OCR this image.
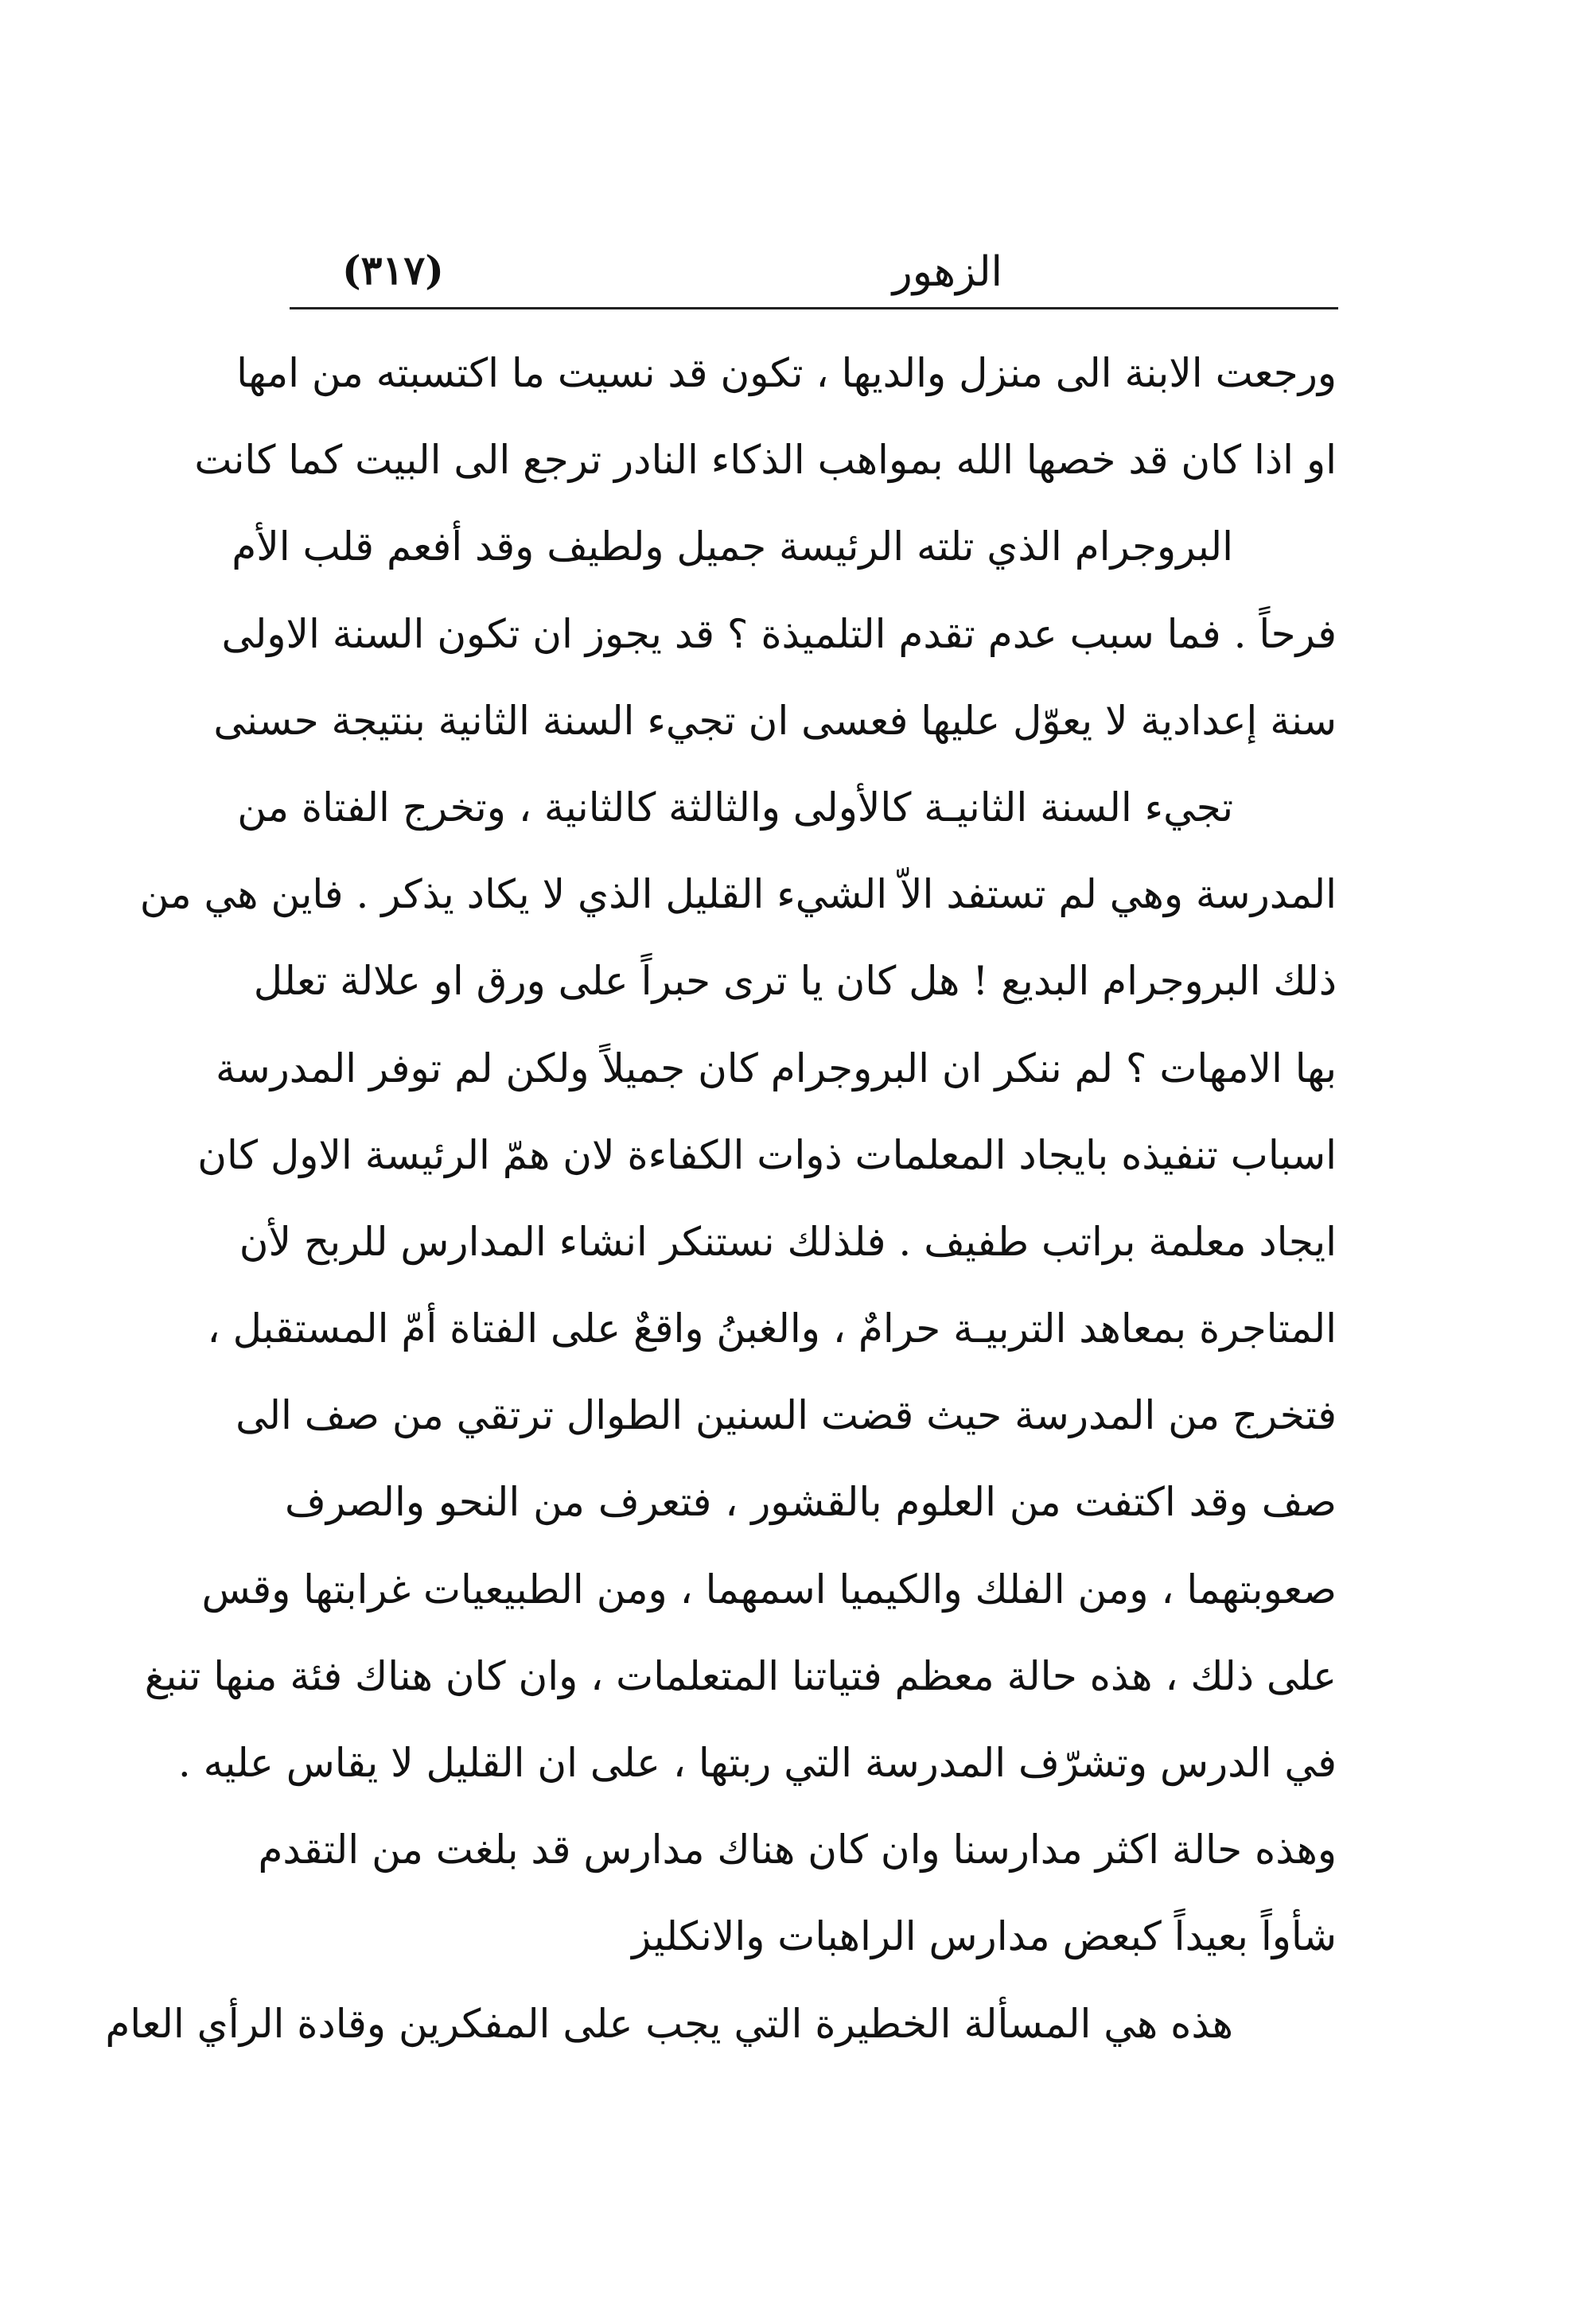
الزهور
(٣١٧)
ورجعت الابنة الى منزل والديها ، تكون قد نسيت ما اكتسبته من امها
او اذا كان قد خصها الله بمواهب الذكاء النادر ترجع الى البيت كما كانت
البروجرام الذي تلته الرئيسة جميل ولطيف وقد أفعم قلب الأم
فرحاً . فما سبب عدم تقدم التلميذة ؟ قد يجوز ان تكون السنة الاولى
سنة إعدادية لا يعوّل عليها فعسى ان تجيء السنة الثانية بنتيجة حسنى
تجيء السنة الثانيـة كالأولى والثالثة كالثانية ، وتخرج الفتاة من
المدرسة وهي لم تستفد الاّ الشيء القليل الذي لا يكاد يذكر . فاين هي من
ذلك البروجرام البديع ! هل كان يا ترى حبراً على ورق او علالة تعلل
بها الامهات ؟ لم ننكر ان البروجرام كان جميلاً ولكن لم توفر المدرسة
اسباب تنفيذه بايجاد المعلمات ذوات الكفاءة لان همّ الرئيسة الاول كان
ايجاد معلمة براتب طفيف . فلذلك نستنكر انشاء المدارس للربح لأن
المتاجرة بمعاهد التربيـة حرامٌ ، والغبنُ واقعٌ على الفتاة أمّ المستقبل ،
فتخرج من المدرسة حيث قضت السنين الطوال ترتقي من صف الى
صف وقد اكتفت من العلوم بالقشور ، فتعرف من النحو والصرف
صعوبتهما ، ومن الفلك والكيميا اسمهما ، ومن الطبيعيات غرابتها وقس
على ذلك ، هذه حالة معظم فتياتنا المتعلمات ، وان كان هناك فئة منها تنبغ
في الدرس وتشرّف المدرسة التي ربتها ، على ان القليل لا يقاس عليه .
وهذه حالة اكثر مدارسنا وان كان هناك مدارس قد بلغت من التقدم
شأواً بعيداً كبعض مدارس الراهبات والانكليز
هذه هي المسألة الخطيرة التي يجب على المفكرين وقادة الرأي العام
